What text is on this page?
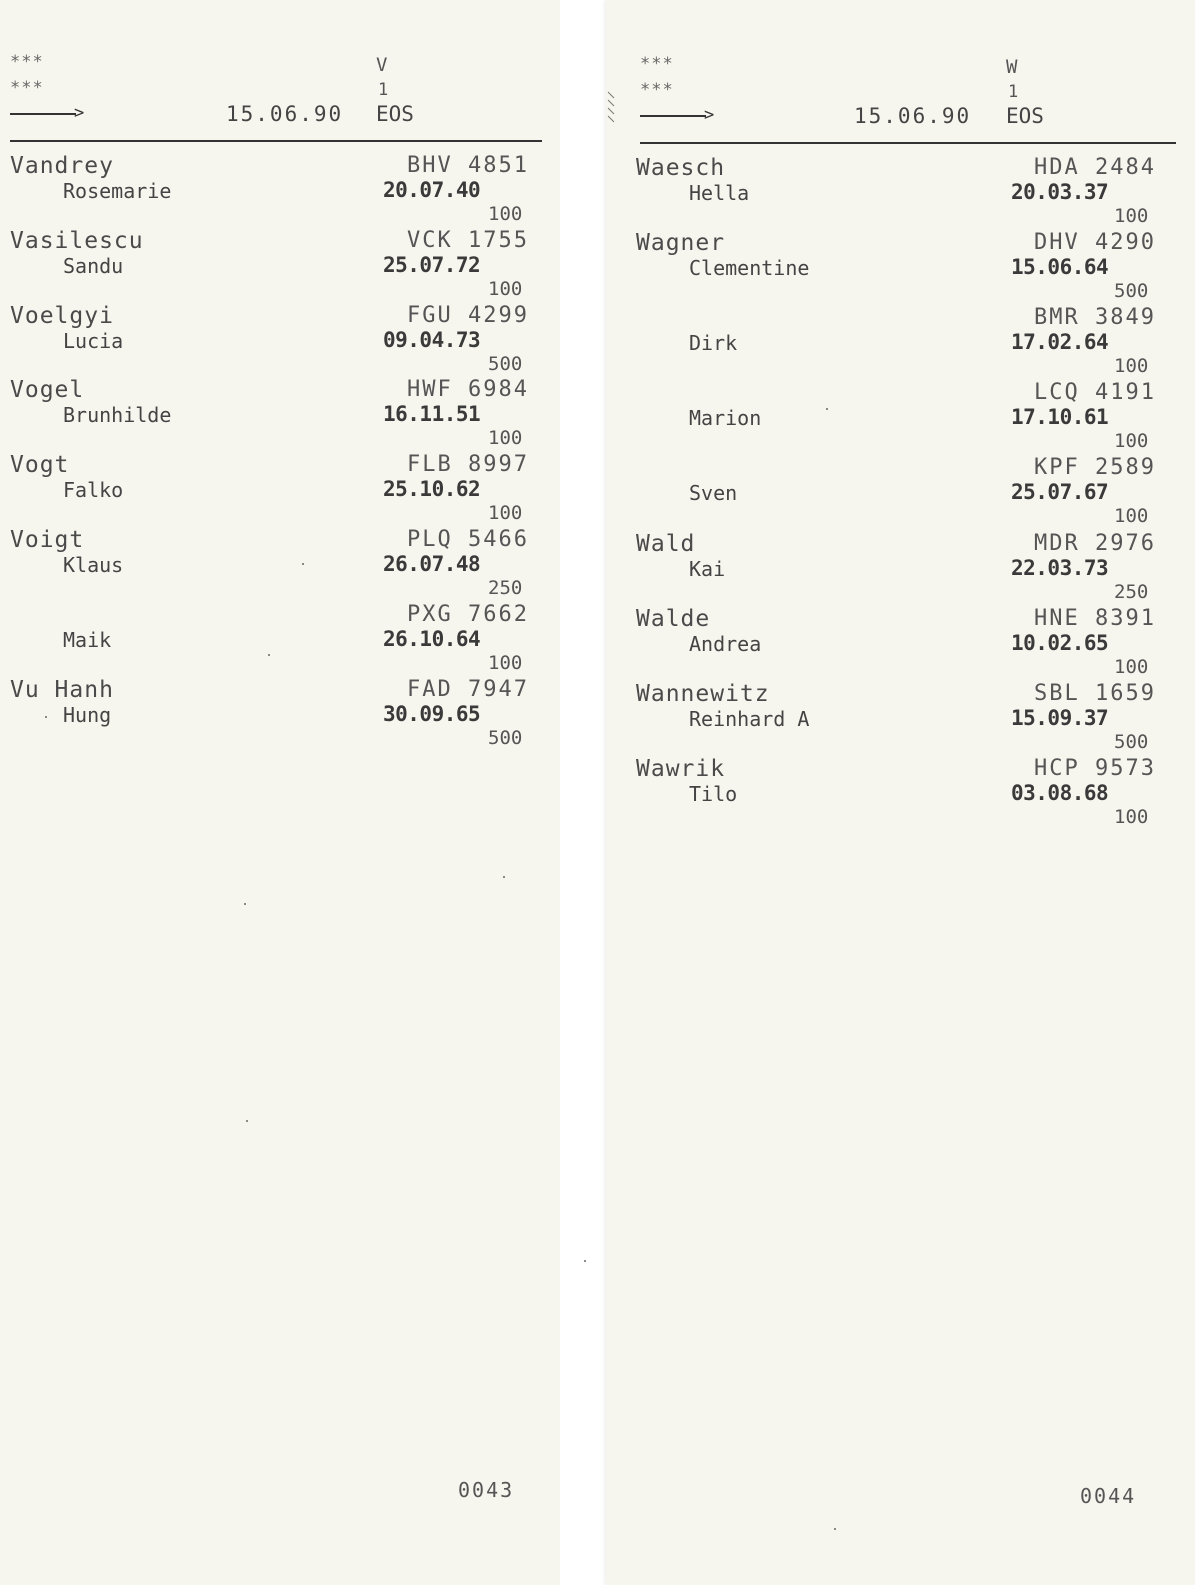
***
***
>	15.06.90
V
1
EOS
Vandrey
Rosemarie
BHV 4851
20.07.40
100
Vasilescu
Sandu
VCK 1755
25.07.72
100
Voelgyi
Lucia
FGU 4299
09.04.73
500
Vogel
Brunhilde
HWF 6984
16.11.51
100
Vogt
Falko
FLB 8997
25.10.62
100
Voigt
Klaus
PLQ 5466
26.07.48
250
Maik
PXG 7662
26.10.64
100
Vu Hanh
Hung
FAD 7947
30.09.65
500
0043
***
***
>	15.06.90
W
1
EOS
Waesch
Hella
HDA 2484
20.03.37
100
Wagner
Clementine
DHV 4290
15.06.64
500
Dirk
BMR 3849
17.02.64
100
Marion
LCQ 4191
17.10.61
100
Sven
KPF 2589
25.07.67
100
Wald
Kai
MDR 2976
22.03.73
250
Walde
Andrea
HNE 8391
10.02.65
100
Wannewitz
Reinhard A
SBL 1659
15.09.37
500
Wawrik
Tilo
HCP 9573
03.08.68
100
0044
